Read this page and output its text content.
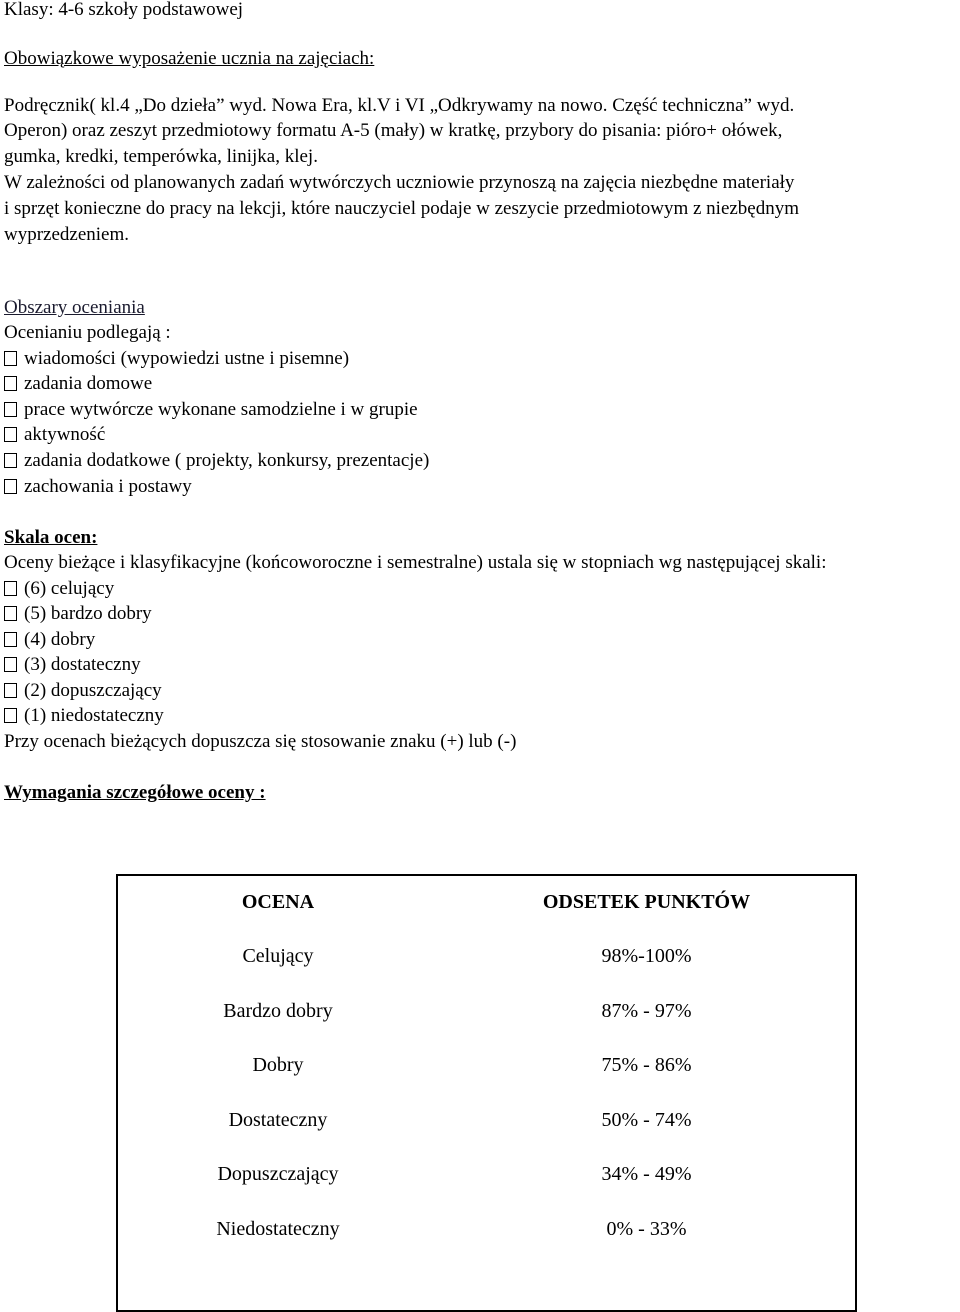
Klasy: 4-6 szkoły podstawowej
Obowiązkowe wyposażenie ucznia na zajęciach:
Podręcznik( kl.4 „Do dzieła” wyd. Nowa Era, kl.V i VI „Odkrywamy na nowo. Część techniczna” wyd.
Operon) oraz zeszyt przedmiotowy formatu A-5 (mały) w kratkę, przybory do pisania: pióro+ ołówek,
gumka, kredki, temperówka, linijka, klej.
W zależności od planowanych zadań wytwórczych uczniowie przynoszą na zajęcia niezbędne materiały
i sprzęt konieczne do pracy na lekcji, które nauczyciel podaje w zeszycie przedmiotowym z niezbędnym
wyprzedzeniem.
Obszary oceniania
Ocenianiu podlegają :
wiadomości (wypowiedzi ustne i pisemne)
zadania domowe
prace wytwórcze wykonane samodzielne i w grupie
aktywność
zadania dodatkowe ( projekty, konkursy, prezentacje)
zachowania i postawy
Skala ocen:
Oceny bieżące i klasyfikacyjne (końcoworoczne i semestralne) ustala się w stopniach wg następującej skali:
(6) celujący
(5) bardzo dobry
(4) dobry
(3) dostateczny
(2) dopuszczający
(1) niedostateczny
Przy ocenach bieżących dopuszcza się stosowanie znaku (+) lub (-)
Wymagania szczegółowe oceny :
OCENA	ODSETEK PUNKTÓW
Celujący	98%-100%
Bardzo dobry	87% - 97%
Dobry	75% - 86%
Dostateczny	50% - 74%
Dopuszczający	34% - 49%
Niedostateczny	0% - 33%
